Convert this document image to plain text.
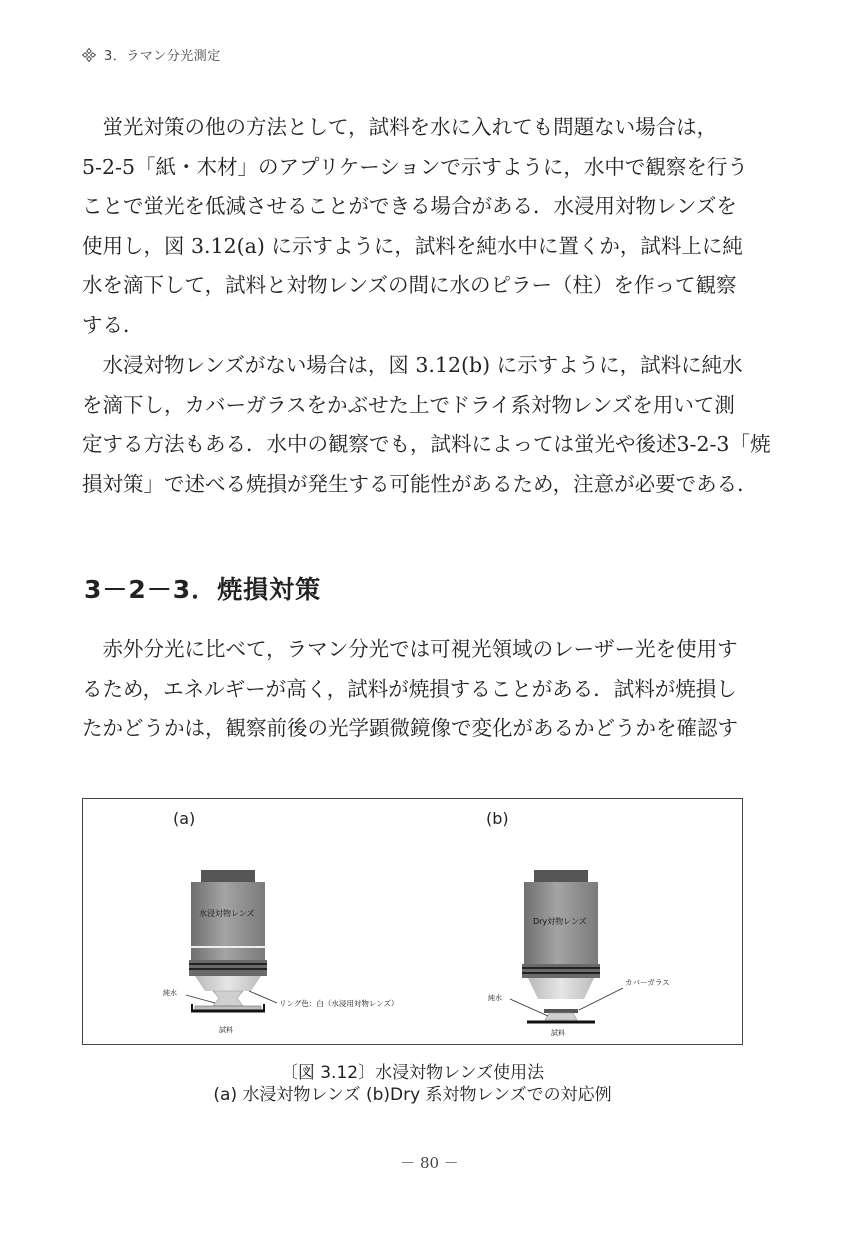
3．ラマン分光測定
　蛍光対策の他の方法として，試料を水に入れても問題ない場合は，
5-2-5「紙・木材」のアプリケーションで示すように，水中で観察を行う
ことで蛍光を低減させることができる場合がある．水浸用対物レンズを
使用し，図 3.12(a) に示すように，試料を純水中に置くか，試料上に純
水を滴下して，試料と対物レンズの間に水のピラー（柱）を作って観察
する．
　水浸対物レンズがない場合は，図 3.12(b) に示すように，試料に純水
を滴下し，カバーガラスをかぶせた上でドライ系対物レンズを用いて測
定する方法もある．水中の観察でも，試料によっては蛍光や後述3-2-3「焼
損対策」で述べる焼損が発生する可能性があるため，注意が必要である．
3－2－3．焼損対策
　赤外分光に比べて，ラマン分光では可視光領域のレーザー光を使用す
るため，エネルギーが高く，試料が焼損することがある．試料が焼損し
たかどうかは，観察前後の光学顕微鏡像で変化があるかどうかを確認す
(a)
水浸対物レンズ
純水
リング色：白（水浸用対物レンズ）
試料
(b)
Dry対物レンズ
カバーガラス
純水
試料
〔図 3.12〕水浸対物レンズ使用法
(a) 水浸対物レンズ (b)Dry 系対物レンズでの対応例
－ 80 －
